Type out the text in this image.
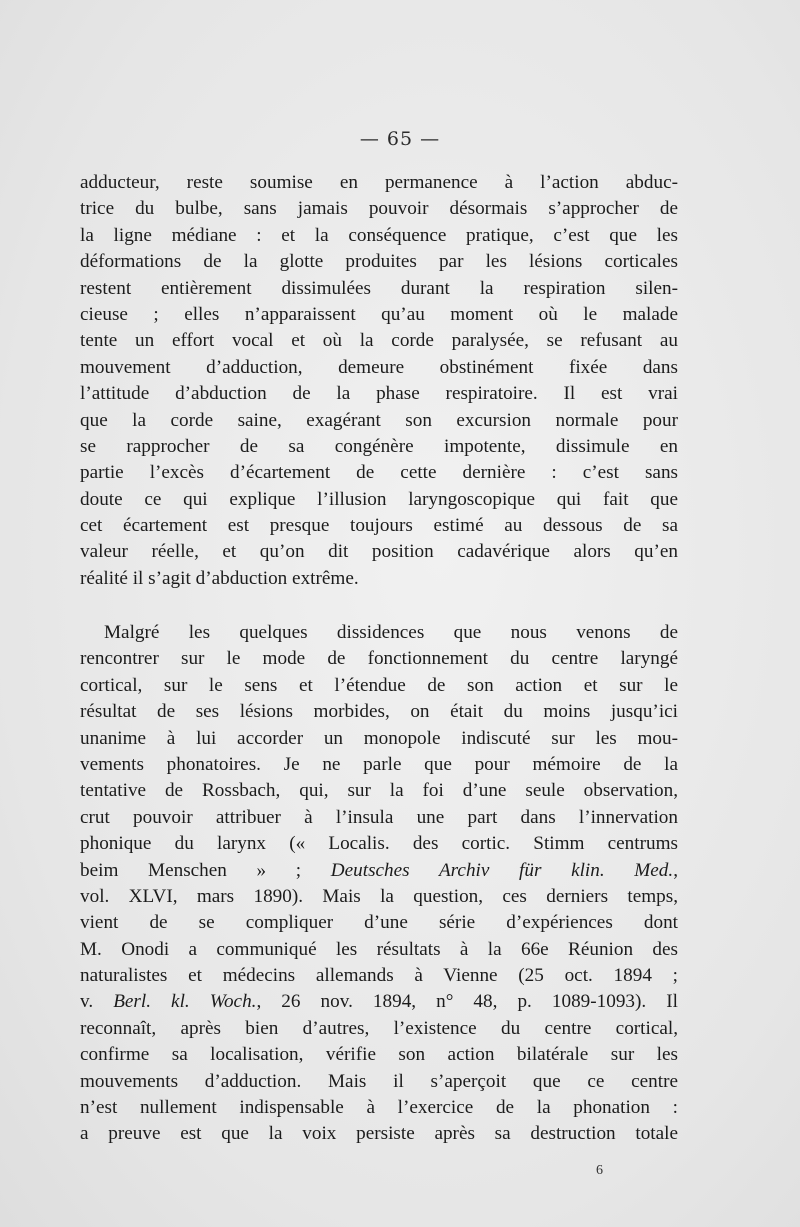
— 65 —
adducteur, reste soumise en permanence à l’action abduc-
trice du bulbe, sans jamais pouvoir désormais s’approcher de
la ligne médiane : et la conséquence pratique, c’est que les
déformations de la glotte produites par les lésions corticales
restent entièrement dissimulées durant la respiration silen-
cieuse ; elles n’apparaissent qu’au moment où le malade
tente un effort vocal et où la corde paralysée, se refusant au
mouvement d’adduction, demeure obstinément fixée dans
l’attitude d’abduction de la phase respiratoire. Il est vrai
que la corde saine, exagérant son excursion normale pour
se rapprocher de sa congénère impotente, dissimule en
partie l’excès d’écartement de cette dernière : c’est sans
doute ce qui explique l’illusion laryngoscopique qui fait que
cet écartement est presque toujours estimé au dessous de sa
valeur réelle, et qu’on dit position cadavérique alors qu’en
réalité il s’agit d’abduction extrême.
Malgré les quelques dissidences que nous venons de
rencontrer sur le mode de fonctionnement du centre laryngé
cortical, sur le sens et l’étendue de son action et sur le
résultat de ses lésions morbides, on était du moins jusqu’ici
unanime à lui accorder un monopole indiscuté sur les mou-
vements phonatoires. Je ne parle que pour mémoire de la
tentative de Rossbach, qui, sur la foi d’une seule observation,
crut pouvoir attribuer à l’insula une part dans l’innervation
phonique du larynx (« Localis. des cortic. Stimm centrums
beim Menschen » ; Deutsches Archiv für klin. Med.,
vol. XLVI, mars 1890). Mais la question, ces derniers temps,
vient de se compliquer d’une série d’expériences dont
M. Onodi a communiqué les résultats à la 66e Réunion des
naturalistes et médecins allemands à Vienne (25 oct. 1894 ;
v. Berl. kl. Woch., 26 nov. 1894, n° 48, p. 1089-1093). Il
reconnaît, après bien d’autres, l’existence du centre cortical,
confirme sa localisation, vérifie son action bilatérale sur les
mouvements d’adduction. Mais il s’aperçoit que ce centre
n’est nullement indispensable à l’exercice de la phonation :
a preuve est que la voix persiste après sa destruction totale
6
